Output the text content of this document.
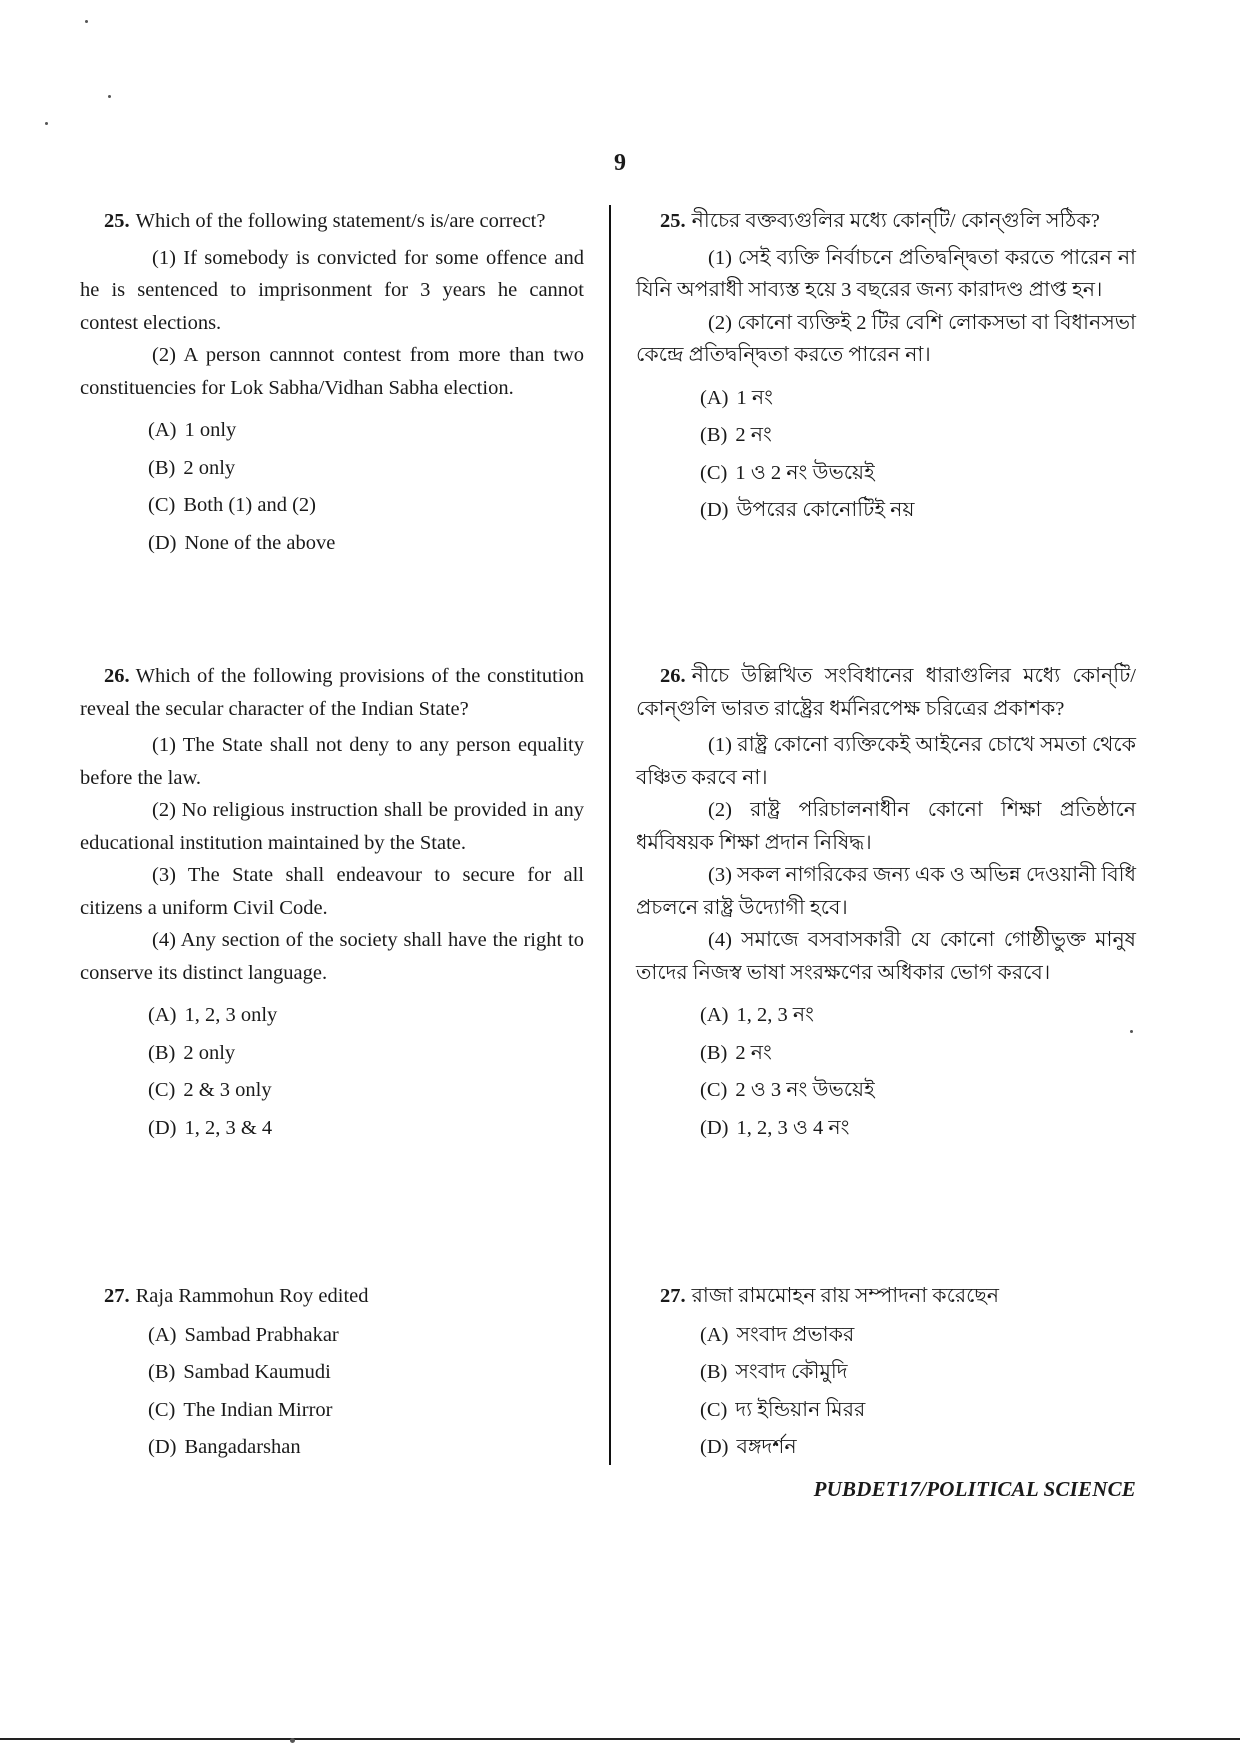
9

25. Which of the following statement/s is/are correct?

(1) If somebody is convicted for some offence and he is sentenced to imprisonment for 3 years he cannot contest elections.

(2) A person cannnot contest from more than two constituencies for Lok Sabha/Vidhan Sabha election.

(A) 1 only
(B) 2 only
(C) Both (1) and (2)
(D) None of the above

26. Which of the following provisions of the constitution reveal the secular character of the Indian State?

(1) The State shall not deny to any person equality before the law.

(2) No religious instruction shall be provided in any educational institution maintained by the State.

(3) The State shall endeavour to secure for all citizens a uniform Civil Code.

(4) Any section of the society shall have the right to conserve its distinct language.

(A) 1, 2, 3 only
(B) 2 only
(C) 2 & 3 only
(D) 1, 2, 3 & 4

27. Raja Rammohun Roy edited

(A) Sambad Prabhakar
(B) Sambad Kaumudi
(C) The Indian Mirror
(D) Bangadarshan

25. নীচের বক্তব্যগুলির মধ্যে কোন্‌টি/ কোন্‌গুলি সঠিক?

(1) সেই ব্যক্তি নির্বাচনে প্রতিদ্বন্দ্বিতা করতে পারেন না যিনি অপরাধী সাব্যস্ত হয়ে 3 বছরের জন্য কারাদণ্ড প্রাপ্ত হন।

(2) কোনো ব্যক্তিই 2 টির বেশি লোকসভা বা বিধানসভা কেন্দ্রে প্রতিদ্বন্দ্বিতা করতে পারেন না।

(A) 1 নং
(B) 2 নং
(C) 1 ও 2 নং উভয়েই
(D) উপরের কোনোটিই নয়

26. নীচে উল্লিখিত সংবিধানের ধারাগুলির মধ্যে কোন্‌টি/ কোন্‌গুলি ভারত রাষ্ট্রের ধর্মনিরপেক্ষ চরিত্রের প্রকাশক?

(1) রাষ্ট্র কোনো ব্যক্তিকেই আইনের চোখে সমতা থেকে বঞ্চিত করবে না।

(2) রাষ্ট্র পরিচালনাধীন কোনো শিক্ষা প্রতিষ্ঠানে ধর্মবিষয়ক শিক্ষা প্রদান নিষিদ্ধ।

(3) সকল নাগরিকের জন্য এক ও অভিন্ন দেওয়ানী বিধি প্রচলনে রাষ্ট্র উদ্যোগী হবে।

(4) সমাজে বসবাসকারী যে কোনো গোষ্ঠীভুক্ত মানুষ তাদের নিজস্ব ভাষা সংরক্ষণের অধিকার ভোগ করবে।

(A) 1, 2, 3 নং
(B) 2 নং
(C) 2 ও 3 নং উভয়েই
(D) 1, 2, 3 ও 4 নং

27. রাজা রামমোহন রায় সম্পাদনা করেছেন

(A) সংবাদ প্রভাকর
(B) সংবাদ কৌমুদি
(C) দ্য ইন্ডিয়ান মিরর
(D) বঙ্গদর্শন
PUBDET17/POLITICAL SCIENCE
